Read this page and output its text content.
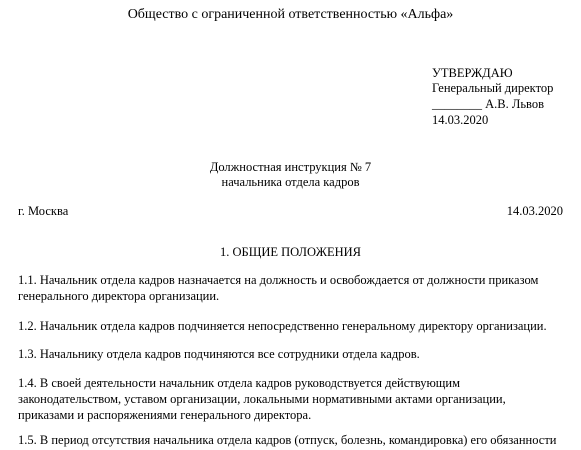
Общество с ограниченной ответственностью «Альфа»
УТВЕРЖДАЮ
Генеральный директор
________ А.В. Львов
14.03.2020
Должностная инструкция № 7
начальника отдела кадров
г. Москва	14.03.2020
1. ОБЩИЕ ПОЛОЖЕНИЯ
1.1. Начальник отдела кадров назначается на должность и освобождается от должности приказом
генерального директора организации.
1.2. Начальник отдела кадров подчиняется непосредственно генеральному директору организации.
1.3. Начальнику отдела кадров подчиняются все сотрудники отдела кадров.
1.4. В своей деятельности начальник отдела кадров руководствуется действующим
законодательством, уставом организации, локальными нормативными актами организации,
приказами и распоряжениями генерального директора.
1.5. В период отсутствия начальника отдела кадров (отпуск, болезнь, командировка) его обязанности
